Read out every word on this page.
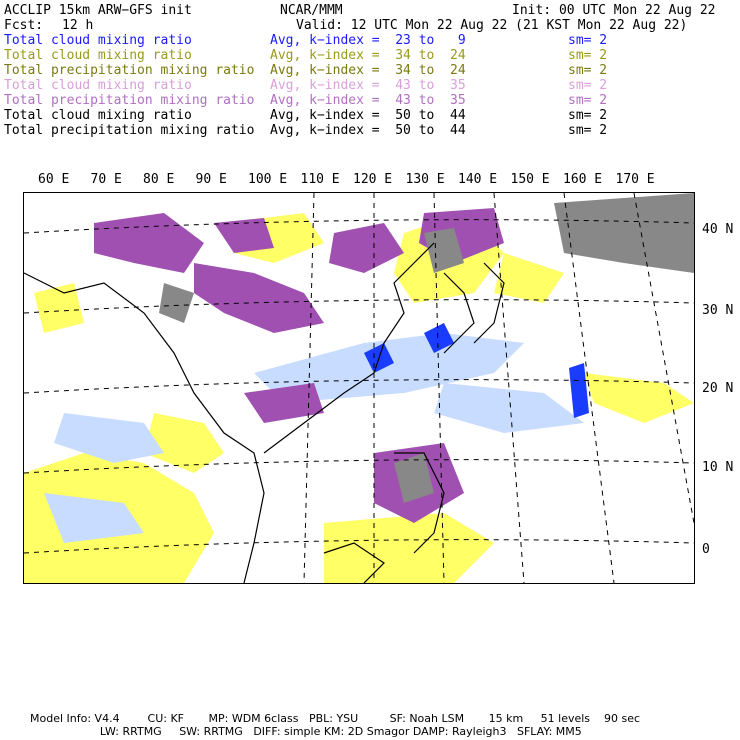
ACCLIP 15km ARW−GFS init	NCAR/MMM	Init: 00 UTC Mon 22 Aug 22
Fcst: 12 h	Valid: 12 UTC Mon 22 Aug 22 (21 KST Mon 22 Aug 22)
Total cloud mixing ratio	Avg, k−index =  23 to   9	sm= 2
Total cloud mixing ratio	Avg, k−index =  34 to  24	sm= 2
Total precipitation mixing ratio Avg, k−index =  34 to  24	sm= 2
Total cloud mixing ratio	Avg, k−index =  43 to  35	sm= 2
Total precipitation mixing ratio Avg, k−index =  43 to  35	sm= 2
Total cloud mixing ratio	Avg, k−index =  50 to  44	sm= 2
Total precipitation mixing ratio Avg, k−index =  50 to  44	sm= 2
60 E 70 E 80 E 90 E 100 E 110 E 120 E 130 E 140 E 150 E 160 E 170 E
40 N
30 N
20 N
10 N
0
Model Info: V4.4        CU: KF       MP: WDM 6class   PBL: YSU         SF: Noah LSM       15 km     51 levels    90 sec
LW: RRTMG     SW: RRTMG   DIFF: simple KM: 2D Smagor DAMP: Rayleigh3   SFLAY: MM5
